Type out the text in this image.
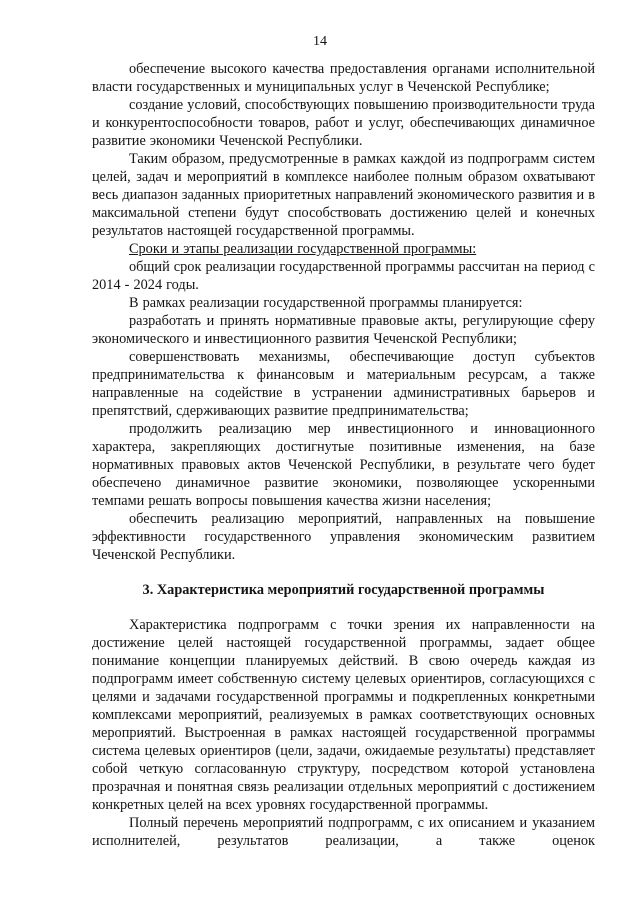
14

обеспечение высокого качества предоставления органами исполнительной власти государственных и муниципальных услуг в Чеченской Республике;

создание условий, способствующих повышению производительности труда и конкурентоспособности товаров, работ и услуг, обеспечивающих динамичное развитие экономики Чеченской Республики.

Таким образом, предусмотренные в рамках каждой из подпрограмм систем целей, задач и мероприятий в комплексе наиболее полным образом охватывают весь диапазон заданных приоритетных направлений экономического развития и в максимальной степени будут способствовать достижению целей и конечных результатов настоящей государственной программы.

Сроки и этапы реализации государственной программы:

общий срок реализации государственной программы рассчитан на период с 2014 - 2024 годы.

В рамках реализации государственной программы планируется:

разработать и принять нормативные правовые акты, регулирующие сферу экономического и инвестиционного развития Чеченской Республики;

совершенствовать механизмы, обеспечивающие доступ субъектов предпринимательства к финансовым и материальным ресурсам, а также направленные на содействие в устранении административных барьеров и препятствий, сдерживающих развитие предпринимательства;

продолжить реализацию мер инвестиционного и инновационного характера, закрепляющих достигнутые позитивные изменения, на базе нормативных правовых актов Чеченской Республики, в результате чего будет обеспечено динамичное развитие экономики, позволяющее ускоренными темпами решать вопросы повышения качества жизни населения;

обеспечить реализацию мероприятий, направленных на повышение эффективности государственного управления экономическим развитием Чеченской Республики.

3. Характеристика мероприятий государственной программы

Характеристика подпрограмм с точки зрения их направленности на достижение целей настоящей государственной программы, задает общее понимание концепции планируемых действий. В свою очередь каждая из подпрограмм имеет собственную систему целевых ориентиров, согласующихся с целями и задачами государственной программы и подкрепленных конкретными комплексами мероприятий, реализуемых в рамках соответствующих основных мероприятий. Выстроенная в рамках настоящей государственной программы система целевых ориентиров (цели, задачи, ожидаемые результаты) представляет собой четкую согласованную структуру, посредством которой установлена прозрачная и понятная связь реализации отдельных мероприятий с достижением конкретных целей на всех уровнях государственной программы.

Полный перечень мероприятий подпрограмм, с их описанием и указанием исполнителей, результатов реализации, а также оценок
